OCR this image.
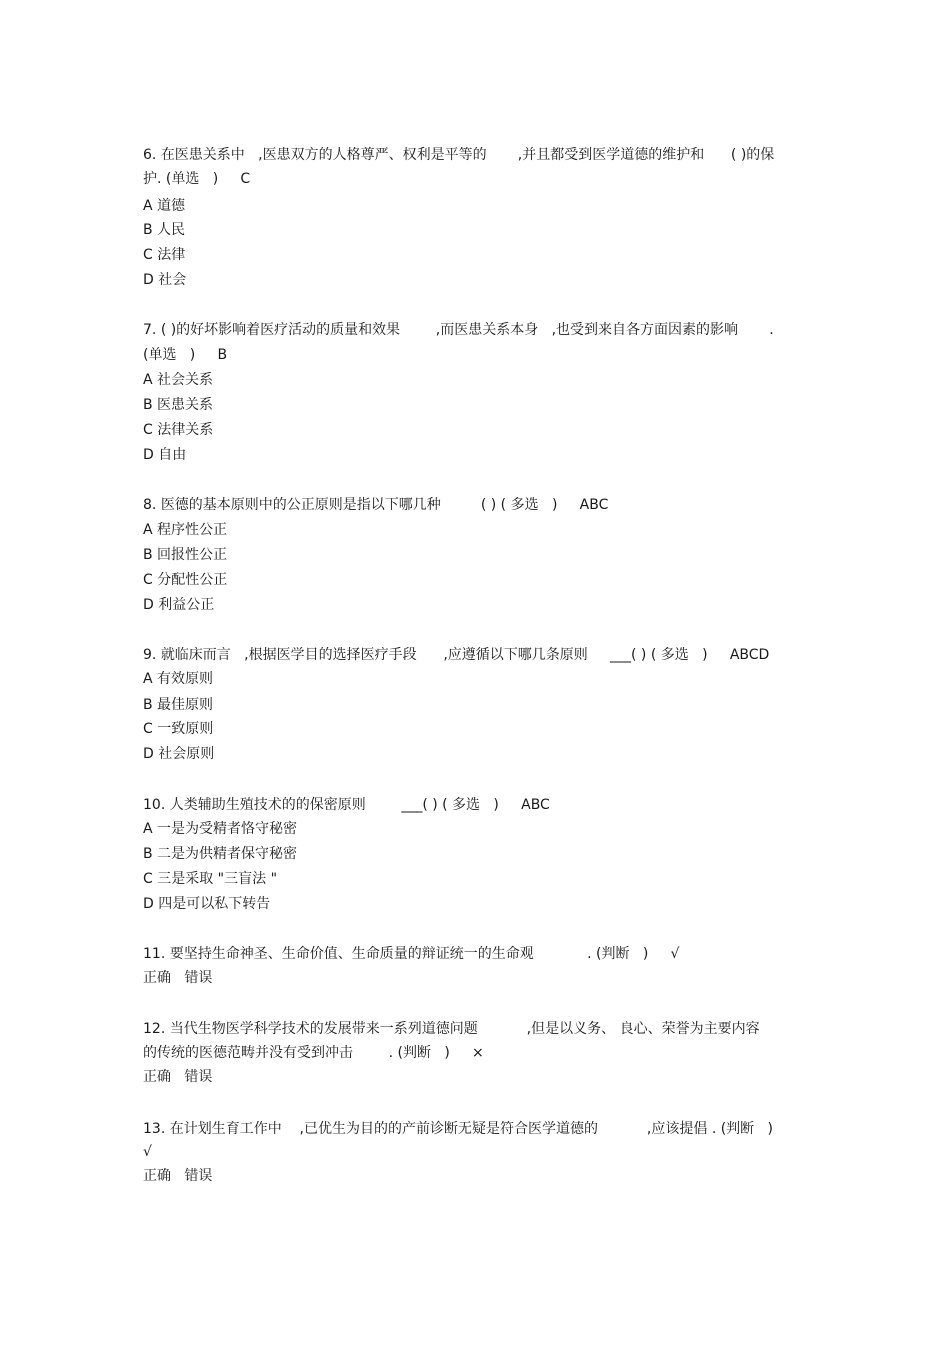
6. 在医患关系中   ,医患双方的人格尊严、权利是平等的       ,并且都受到医学道德的维护和      ( )的保

护. (单选   )     C

A 道德

B 人民

C 法律

D 社会

7. ( )的好坏影响着医疗活动的质量和效果        ,而医患关系本身   ,也受到来自各方面因素的影响       .

(单选   )     B

A 社会关系

B 医患关系

C 法律关系

D 自由

8. 医德的基本原则中的公正原则是指以下哪几种         ( ) ( 多选   )     ABC

A 程序性公正

B 回报性公正

C 分配性公正

D 利益公正

9. 就临床而言   ,根据医学目的选择医疗手段      ,应遵循以下哪几条原则     ___( ) ( 多选   )     ABCD

A 有效原则

B 最佳原则

C 一致原则

D 社会原则

10. 人类辅助生殖技术的的保密原则        ___( ) ( 多选   )     ABC

A 一是为受精者恪守秘密

B 二是为供精者保守秘密

C 三是采取 "三盲法 "

D 四是可以私下转告

11. 要坚持生命神圣、生命价值、生命质量的辩证统一的生命观            . (判断   )     √

正确   错误

12. 当代生物医学科学技术的发展带来一系列道德问题           ,但是以义务、 良心、荣誉为主要内容

的传统的医德范畴并没有受到冲击        . (判断   )     ×

正确   错误

13. 在计划生育工作中    ,已优生为目的的产前诊断无疑是符合医学道德的           ,应该提倡 . (判断   )

√

正确   错误
